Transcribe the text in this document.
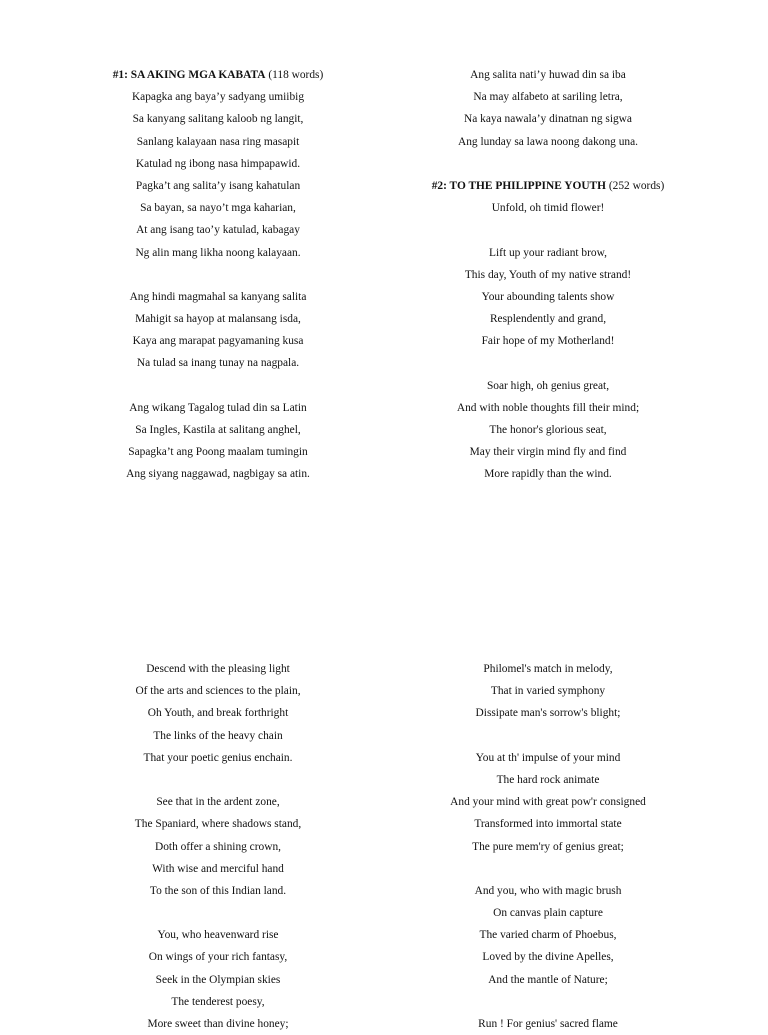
#1: SA AKING MGA KABATA (118 words)
Kapagka ang baya’y sadyang umiibig
Sa kanyang salitang kaloob ng langit,
Sanlang kalayaan nasa ring masapit
Katulad ng ibong nasa himpapawid.
Pagka’t ang salita’y isang kahatulan
Sa bayan, sa nayo’t mga kaharian,
At ang isang tao’y katulad, kabagay
Ng alin mang likha noong kalayaan.
Ang hindi magmahal sa kanyang salita
Mahigit sa hayop at malansang isda,
Kaya ang marapat pagyamaning kusa
Na tulad sa inang tunay na nagpala.
Ang wikang Tagalog tulad din sa Latin
Sa Ingles, Kastila at salitang anghel,
Sapagka’t ang Poong maalam tumingin
Ang siyang naggawad, nagbigay sa atin.
Ang salita nati’y huwad din sa iba
Na may alfabeto at sariling letra,
Na kaya nawala’y dinatnan ng sigwa
Ang lunday sa lawa noong dakong una.
#2: TO THE PHILIPPINE YOUTH (252 words)
Unfold, oh timid flower!
Lift up your radiant brow,
This day, Youth of my native strand!
Your abounding talents show
Resplendently and grand,
Fair hope of my Motherland!
Soar high, oh genius great,
And with noble thoughts fill their mind;
The honor's glorious seat,
May their virgin mind fly and find
More rapidly than the wind.
Descend with the pleasing light
Of the arts and sciences to the plain,
Oh Youth, and break forthright
The links of the heavy chain
That your poetic genius enchain.
See that in the ardent zone,
The Spaniard, where shadows stand,
Doth offer a shining crown,
With wise and merciful hand
To the son of this Indian land.
You, who heavenward rise
On wings of your rich fantasy,
Seek in the Olympian skies
The tenderest poesy,
More sweet than divine honey;
Philomel's match in melody,
That in varied symphony
Dissipate man's sorrow's blight;
You at th' impulse of your mind
The hard rock animate
And your mind with great pow'r consigned
Transformed into immortal state
The pure mem'ry of genius great;
And you, who with magic brush
On canvas plain capture
The varied charm of Phoebus,
Loved by the divine Apelles,
And the mantle of Nature;
Run ! For genius' sacred flame
